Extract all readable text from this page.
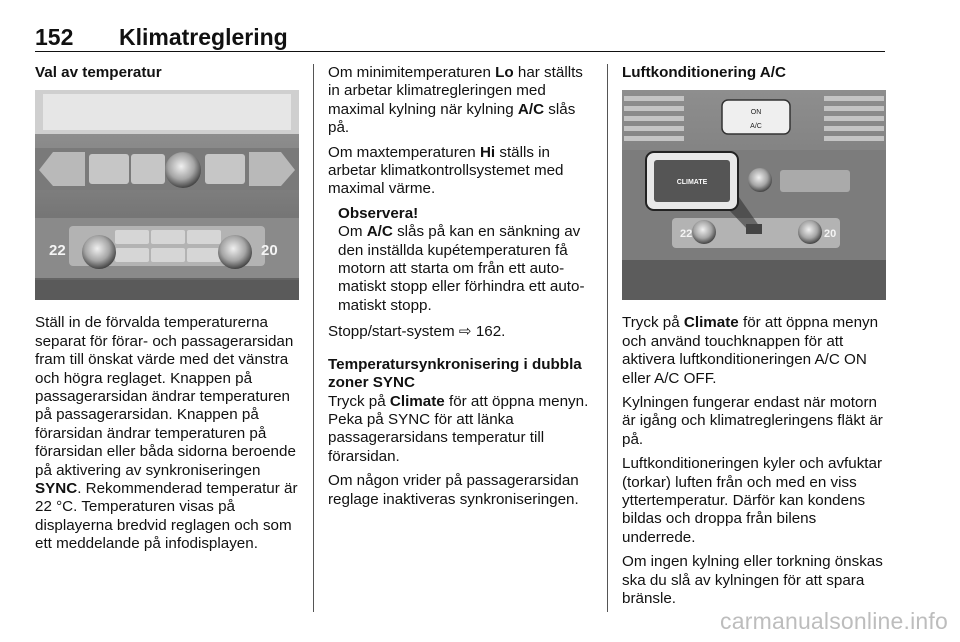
152 Klimatreglering
Val av temperatur
22	20

Ställ in de förvalda temperaturerna separat för förar- och passagerarsidan fram till önskat värde med det vänstra och högra reglaget. Knappen på passagerarsidan ändrar temperaturen på passagerarsidan. Knappen på förarsidan ändrar temperaturen på förarsidan eller båda sidorna beroende på aktivering av synkroniseringen SYNC. Rekommenderad temperatur är 22 °C. Temperaturen visas på displayerna bredvid reglagen och som ett meddelande på infodisplayen.

Om minimitemperaturen Lo har ställts in arbetar klimatregleringen med maximal kylning när kylning A/C slås på.

Om maxtemperaturen Hi ställs in arbetar klimatkontrollsystemet med maximal värme.

Observera!
Om A/C slås på kan en sänkning av den inställda kupétemperaturen få motorn att starta om från ett automatiskt stopp eller förhindra ett automatiskt stopp.

Stopp/start-system ⇨ 162.

Temperatursynkronisering i dubbla zoner SYNC

Tryck på Climate för att öppna menyn. Peka på SYNC för att länka passagerarsidans temperatur till förarsidan.

Om någon vrider på passagerarsidan reglage inaktiveras synkroniseringen.

Luftkonditionering A/C
ON
A/C
22	20
CLIMATE

Tryck på Climate för att öppna menyn och använd touchknappen för att aktivera luftkonditioneringen A/C ON eller A/C OFF.

Kylningen fungerar endast när motorn är igång och klimatregleringens fläkt är på.

Luftkonditioneringen kyler och avfuktar (torkar) luften från och med en viss yttertemperatur. Därför kan kondens bildas och droppa från bilens underrede.

Om ingen kylning eller torkning önskas ska du slå av kylningen för att spara bränsle.

carmanualsonline.info
